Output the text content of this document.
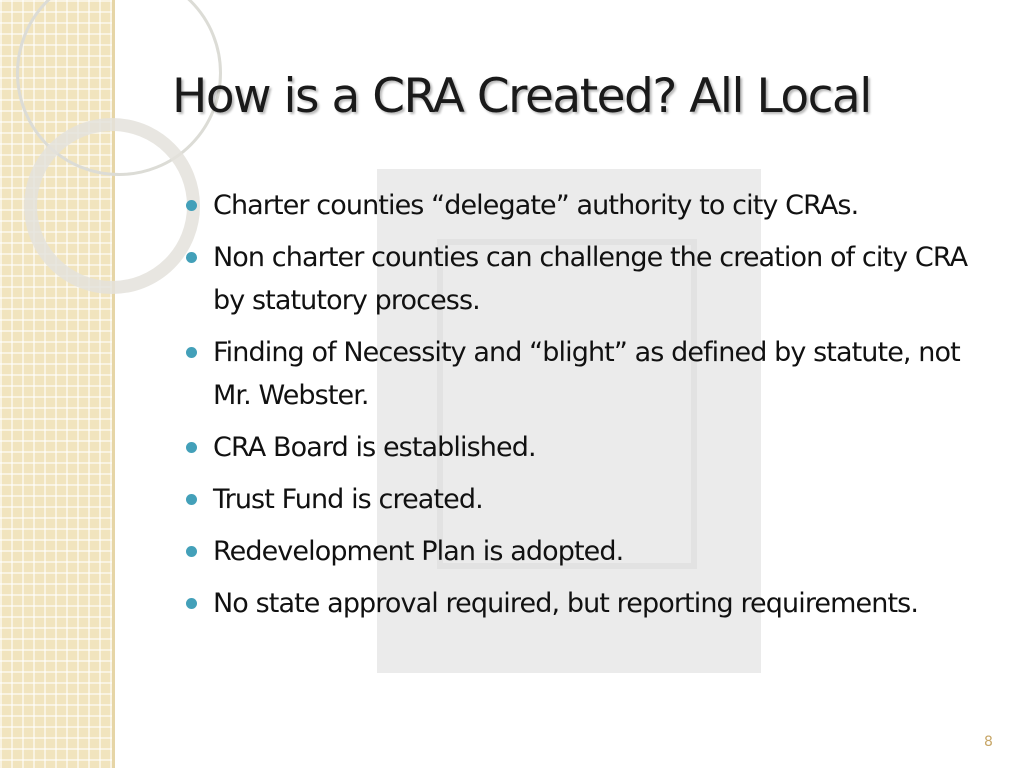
How is a CRA Created? All Local
Charter counties “delegate” authority to city CRAs.
Non charter counties can challenge the creation of city CRA by statutory process.
Finding of Necessity and “blight” as defined by statute, not Mr. Webster.
CRA Board is established.
Trust Fund is created.
Redevelopment Plan is adopted.
No state approval required, but reporting requirements.
8
